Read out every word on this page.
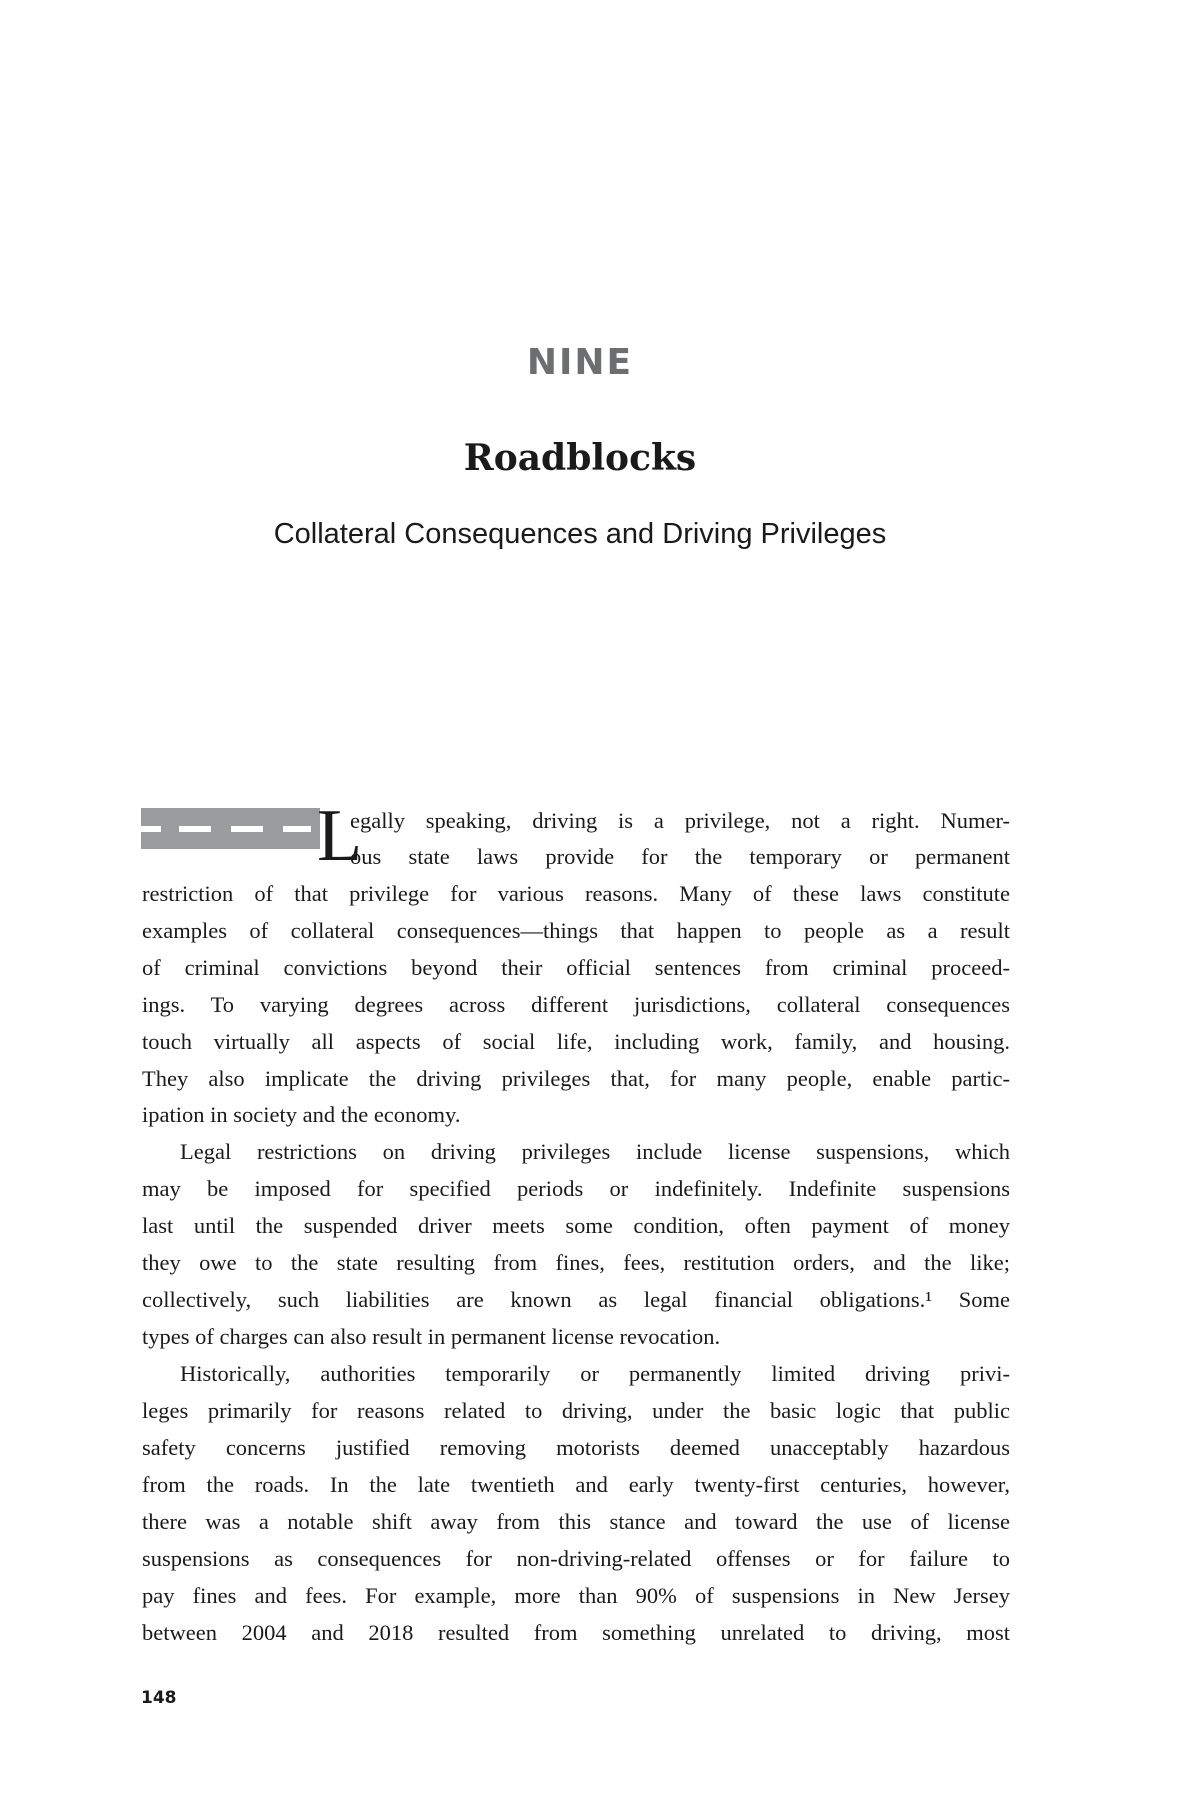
NINE
Roadblocks
Collateral Consequences and Driving Privileges
L
egally speaking, driving is a privilege, not a right. Numer-
ous state laws provide for the temporary or permanent
restriction of that privilege for various reasons. Many of these laws constitute
examples of collateral consequences—things that happen to people as a result
of criminal convictions beyond their official sentences from criminal proceed-
ings. To varying degrees across different jurisdictions, collateral consequences
touch virtually all aspects of social life, including work, family, and housing.
They also implicate the driving privileges that, for many people, enable partic-
ipation in society and the economy.
Legal restrictions on driving privileges include license suspensions, which
may be imposed for specified periods or indefinitely. Indefinite suspensions
last until the suspended driver meets some condition, often payment of money
they owe to the state resulting from fines, fees, restitution orders, and the like;
collectively, such liabilities are known as legal financial obligations.¹ Some
types of charges can also result in permanent license revocation.
Historically, authorities temporarily or permanently limited driving privi-
leges primarily for reasons related to driving, under the basic logic that public
safety concerns justified removing motorists deemed unacceptably hazardous
from the roads. In the late twentieth and early twenty-first centuries, however,
there was a notable shift away from this stance and toward the use of license
suspensions as consequences for non-driving-related offenses or for failure to
pay fines and fees. For example, more than 90% of suspensions in New Jersey
between 2004 and 2018 resulted from something unrelated to driving, most
148
